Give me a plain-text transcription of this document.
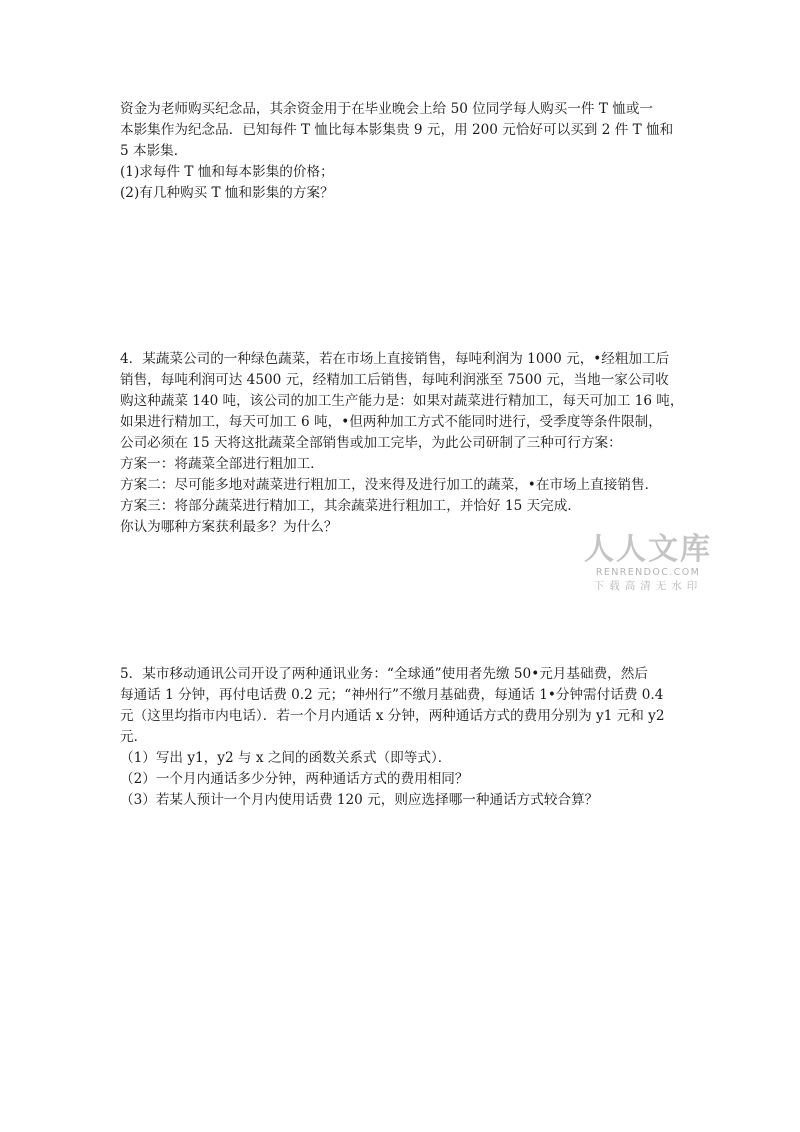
资金为老师购买纪念品，其余资金用于在毕业晚会上给 50 位同学每人购买一件 T 恤或一
本影集作为纪念品．已知每件 T 恤比每本影集贵 9 元，用 200 元恰好可以买到 2 件 T 恤和
5 本影集．
(1)求每件 T 恤和每本影集的价格；
(2)有几种购买 T 恤和影集的方案？
4．某蔬菜公司的一种绿色蔬菜，若在市场上直接销售，每吨利润为 1000 元，•经粗加工后
销售，每吨利润可达 4500 元，经精加工后销售，每吨利润涨至 7500 元，当地一家公司收
购这种蔬菜 140 吨，该公司的加工生产能力是：如果对蔬菜进行精加工，每天可加工 16 吨，
如果进行精加工，每天可加工 6 吨，•但两种加工方式不能同时进行，受季度等条件限制，
公司必须在 15 天将这批蔬菜全部销售或加工完毕，为此公司研制了三种可行方案：
方案一：将蔬菜全部进行粗加工．
方案二：尽可能多地对蔬菜进行粗加工，没来得及进行加工的蔬菜，•在市场上直接销售．
方案三：将部分蔬菜进行精加工，其余蔬菜进行粗加工，并恰好 15 天完成．
你认为哪种方案获利最多？为什么？
人人文库
RENRENDOC.COM
下载高清无水印
5．某市移动通讯公司开设了两种通讯业务：“全球通”使用者先缴 50•元月基础费，然后
每通话 1 分钟，再付电话费 0.2 元；“神州行”不缴月基础费，每通话 1•分钟需付话费 0.4
元（这里均指市内电话）．若一个月内通话 x 分钟，两种通话方式的费用分别为 y1 元和 y2
元．
（1）写出 y1，y2 与 x 之间的函数关系式（即等式）．
（2）一个月内通话多少分钟，两种通话方式的费用相同？
（3）若某人预计一个月内使用话费 120 元，则应选择哪一种通话方式较合算？
